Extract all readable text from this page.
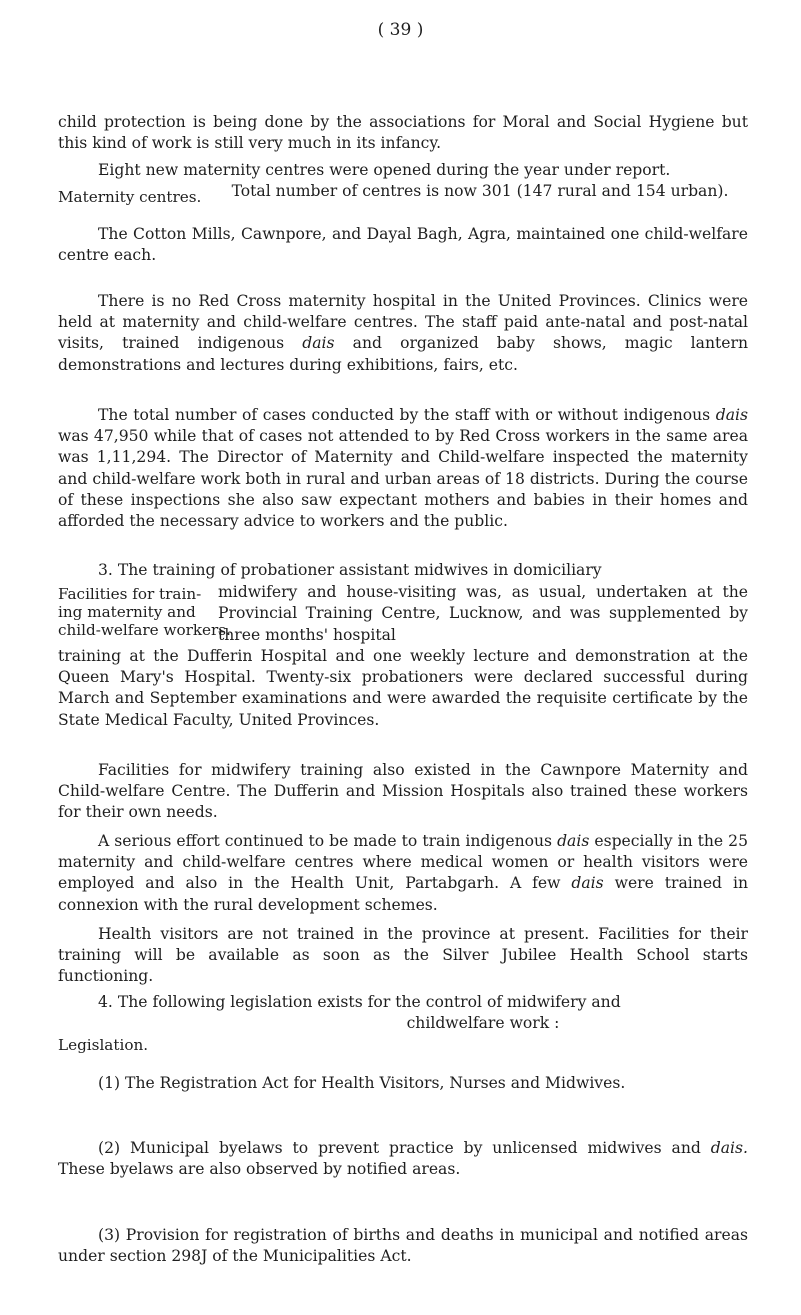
( 39 )

child protection is being done by the associations for Moral and Social Hygiene but this kind of work is still very much in its infancy.

Eight new maternity centres were opened during the year under report.

Maternity centres.	Total number of centres is now 301 (147 rural and 154 urban).

The Cotton Mills, Cawnpore, and Dayal Bagh, Agra, maintained one child-welfare centre each.

There is no Red Cross maternity hospital in the United Provinces. Clinics were held at maternity and child-welfare centres. The staff paid ante-natal and post-natal visits, trained indigenous dais and organized baby shows, magic lantern demonstrations and lectures during exhibitions, fairs, etc.

The total number of cases conducted by the staff with or without indigenous dais was 47,950 while that of cases not attended to by Red Cross workers in the same area was 1,11,294. The Director of Maternity and Child-welfare inspected the maternity and child-welfare work both in rural and urban areas of 18 districts. During the course of these inspections she also saw expectant mothers and babies in their homes and afforded the necessary advice to workers and the public.

3. The training of probationer assistant midwives in domiciliary

Facilities for train-
ing maternity and
child-welfare workers.
midwifery and house-visiting was, as usual, undertaken at the Provincial Training Centre, Lucknow, and was supplemented by three months' hospital

training at the Dufferin Hospital and one weekly lecture and demonstration at the Queen Mary's Hospital. Twenty-six probationers were declared successful during March and September examinations and were awarded the requisite certificate by the State Medical Faculty, United Provinces.

Facilities for midwifery training also existed in the Cawnpore Maternity and Child-welfare Centre. The Dufferin and Mission Hospitals also trained these workers for their own needs.

A serious effort continued to be made to train indigenous dais especially in the 25 maternity and child-welfare centres where medical women or health visitors were employed and also in the Health Unit, Partabgarh. A few dais were trained in connexion with the rural development schemes.

Health visitors are not trained in the province at present. Facilities for their training will be available as soon as the Silver Jubilee Health School starts functioning.

4. The following legislation exists for the control of midwifery and

childwelfare work :
Legislation.

(1) The Registration Act for Health Visitors, Nurses and Midwives.

(2) Municipal byelaws to prevent practice by unlicensed midwives and dais. These byelaws are also observed by notified areas.

(3) Provision for registration of births and deaths in municipal and notified areas under section 298J of the Municipalities Act.
